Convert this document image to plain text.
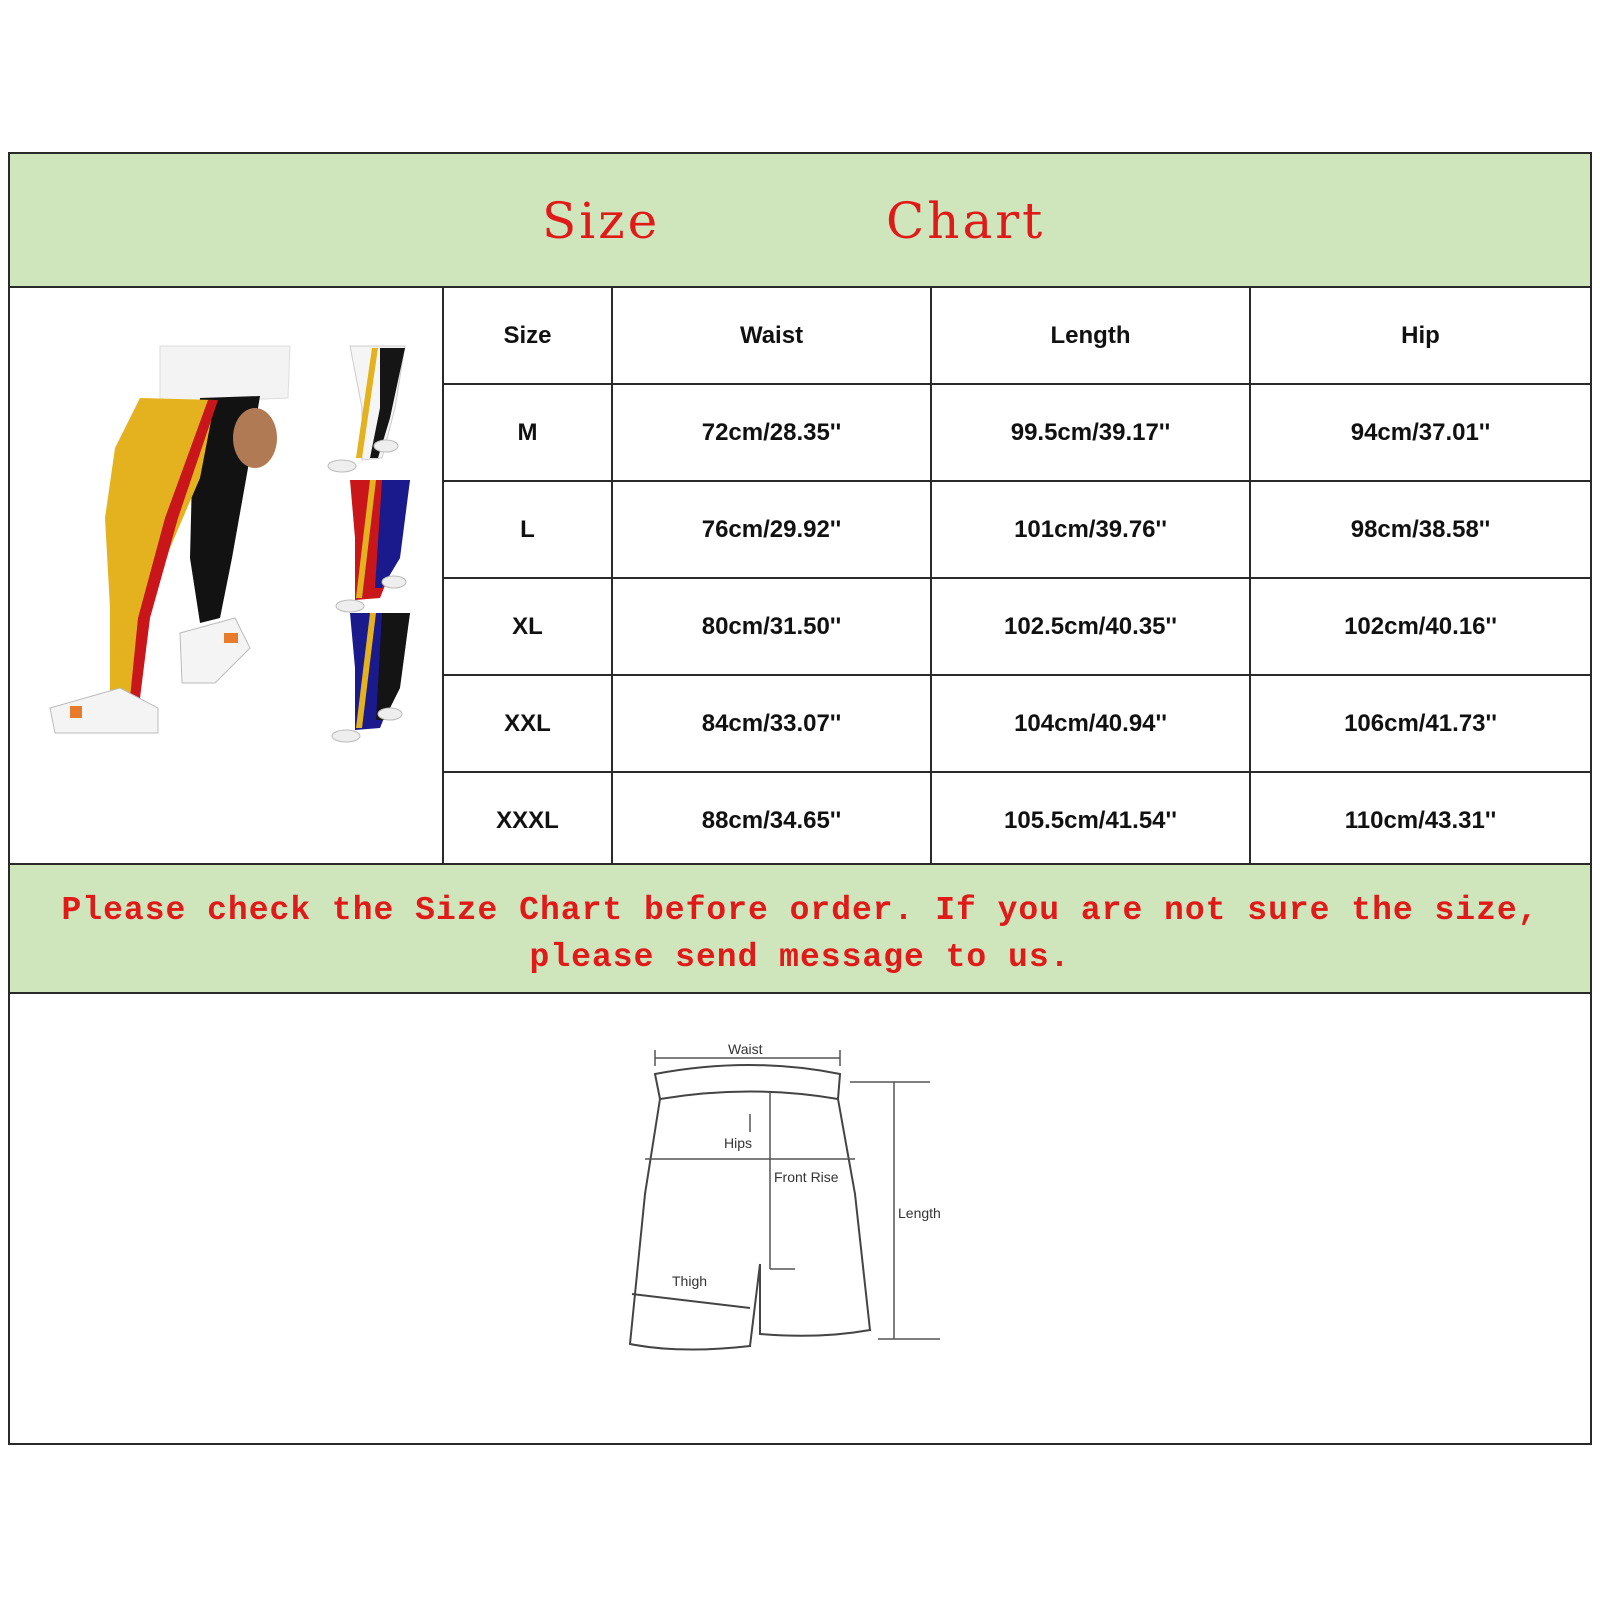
Size	Chart
Size	Waist	Length	Hip
M	72cm/28.35''	99.5cm/39.17''	94cm/37.01''
L	76cm/29.92''	101cm/39.76''	98cm/38.58''
XL	80cm/31.50''	102.5cm/40.35''	102cm/40.16''
XXL	84cm/33.07''	104cm/40.94''	106cm/41.73''
XXXL	88cm/34.65''	105.5cm/41.54''	110cm/43.31''
Please check the Size Chart before order. If you are not sure the size, please send message to us.
Waist
Hips
Front Rise
Length
Thigh
